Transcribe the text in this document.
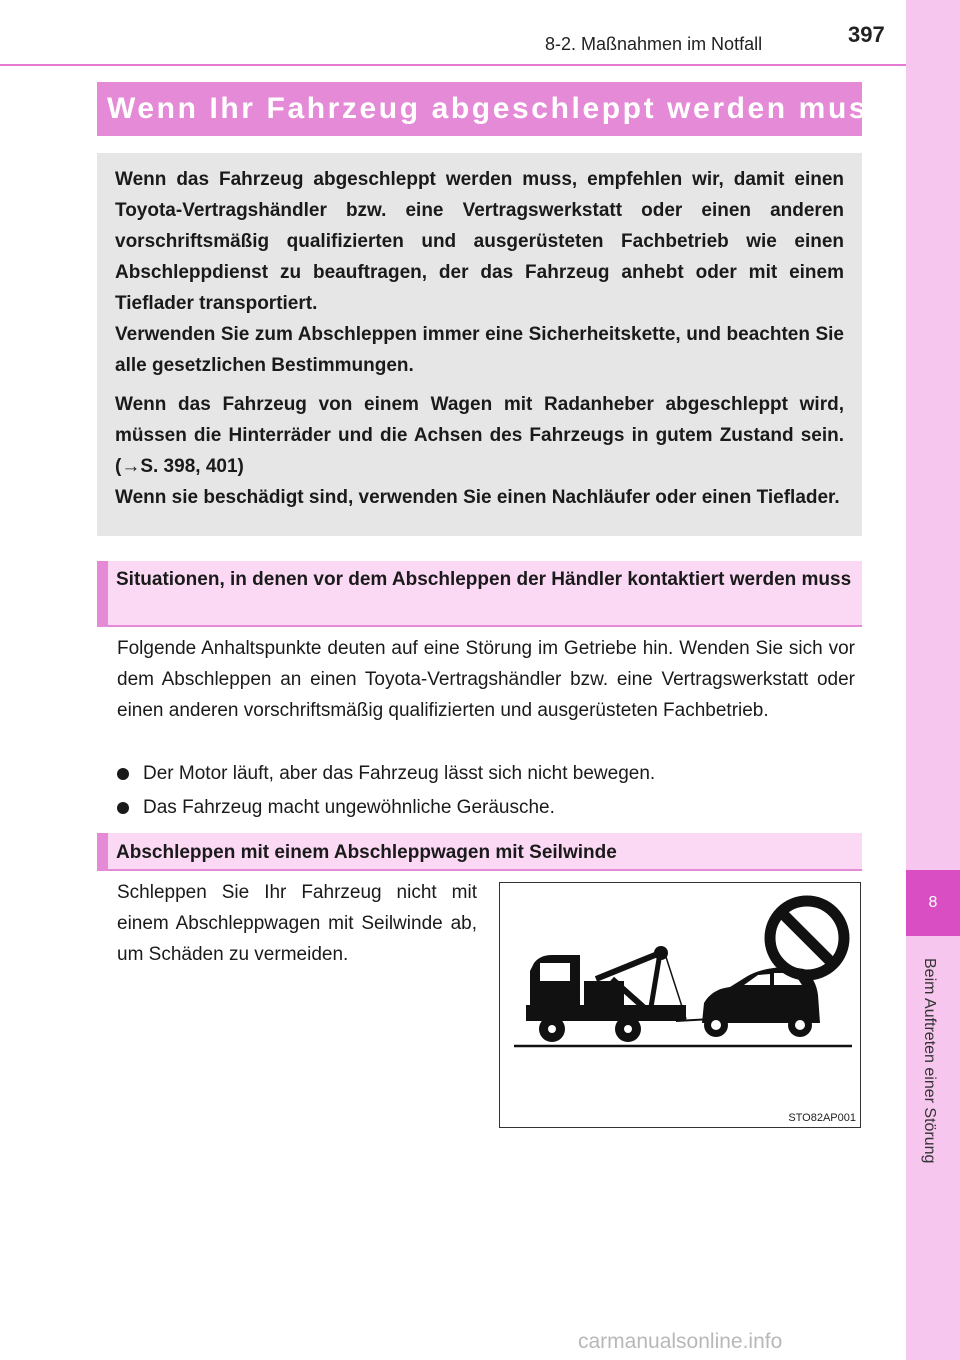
8-2. Maßnahmen im Notfall	397
8
Beim Auftreten einer Störung
Wenn Ihr Fahrzeug abgeschleppt werden muss

Wenn das Fahrzeug abgeschleppt werden muss, empfehlen wir, damit einen Toyota-Vertragshändler bzw. eine Vertragswerkstatt oder einen anderen vorschriftsmäßig qualifizierten und ausgerüsteten Fachbetrieb wie einen Abschleppdienst zu beauftragen, der das Fahrzeug anhebt oder mit einem Tieflader transportiert.
Verwenden Sie zum Abschleppen immer eine Sicherheitskette, und beachten Sie alle gesetzlichen Bestimmungen.

Wenn das Fahrzeug von einem Wagen mit Radanheber abgeschleppt wird, müssen die Hinterräder und die Achsen des Fahrzeugs in gutem Zustand sein. (→S. 398, 401)
Wenn sie beschädigt sind, verwenden Sie einen Nachläufer oder einen Tieflader.

Situationen, in denen vor dem Abschleppen der Händler kontaktiert werden muss

Folgende Anhaltspunkte deuten auf eine Störung im Getriebe hin. Wenden Sie sich vor dem Abschleppen an einen Toyota-Vertragshändler bzw. eine Vertragswerkstatt oder einen anderen vorschriftsmäßig qualifizierten und ausgerüsteten Fachbetrieb.
Der Motor läuft, aber das Fahrzeug lässt sich nicht bewegen.
Das Fahrzeug macht ungewöhnliche Geräusche.

Abschleppen mit einem Abschleppwagen mit Seilwinde

Schleppen Sie Ihr Fahrzeug nicht mit einem Abschleppwagen mit Seilwinde ab, um Schäden zu vermeiden.
STO82AP001
carmanualsonline.info
